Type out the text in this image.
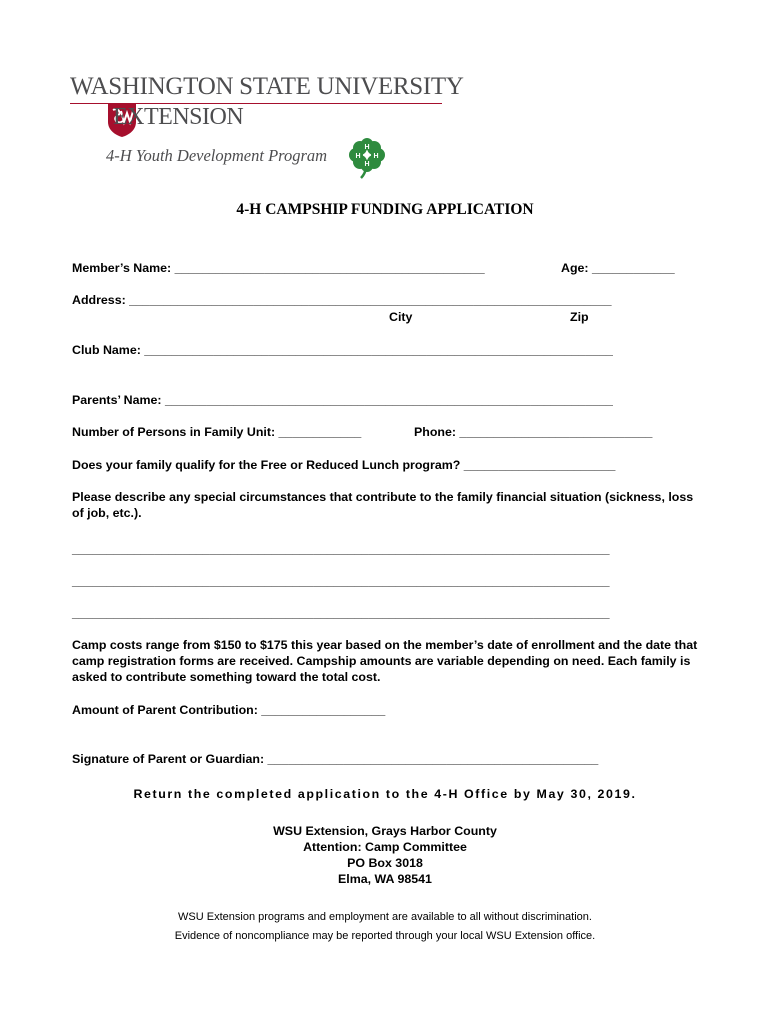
WASHINGTON STATE UNIVERSITY
EXTENSION
4-H Youth Development Program	H
H H
H
4-H CAMPSHIP FUNDING APPLICATION
Member’s Name: _____________________________________________	Age: ____________
Address: ______________________________________________________________________
City	Zip
Club Name: ____________________________________________________________________
Parents’ Name: _________________________________________________________________
Number of Persons in Family Unit: ____________	Phone: ____________________________
Does your family qualify for the Free or Reduced Lunch program? ______________________
Please describe any special circumstances that contribute to the family financial situation (sickness, loss of job, etc.).
______________________________________________________________________________
______________________________________________________________________________
______________________________________________________________________________
Camp costs range from $150 to $175 this year based on the member’s date of enrollment and the date that camp registration forms are received. Campship amounts are variable depending on need. Each family is asked to contribute something toward the total cost.
Amount of Parent Contribution: __________________
Signature of Parent or Guardian: ________________________________________________
Return the completed application to the 4-H Office by May 30, 2019.
WSU Extension, Grays Harbor County
Attention: Camp Committee
PO Box 3018
Elma, WA 98541
WSU Extension programs and employment are available to all without discrimination.
Evidence of noncompliance may be reported through your local WSU Extension office.
